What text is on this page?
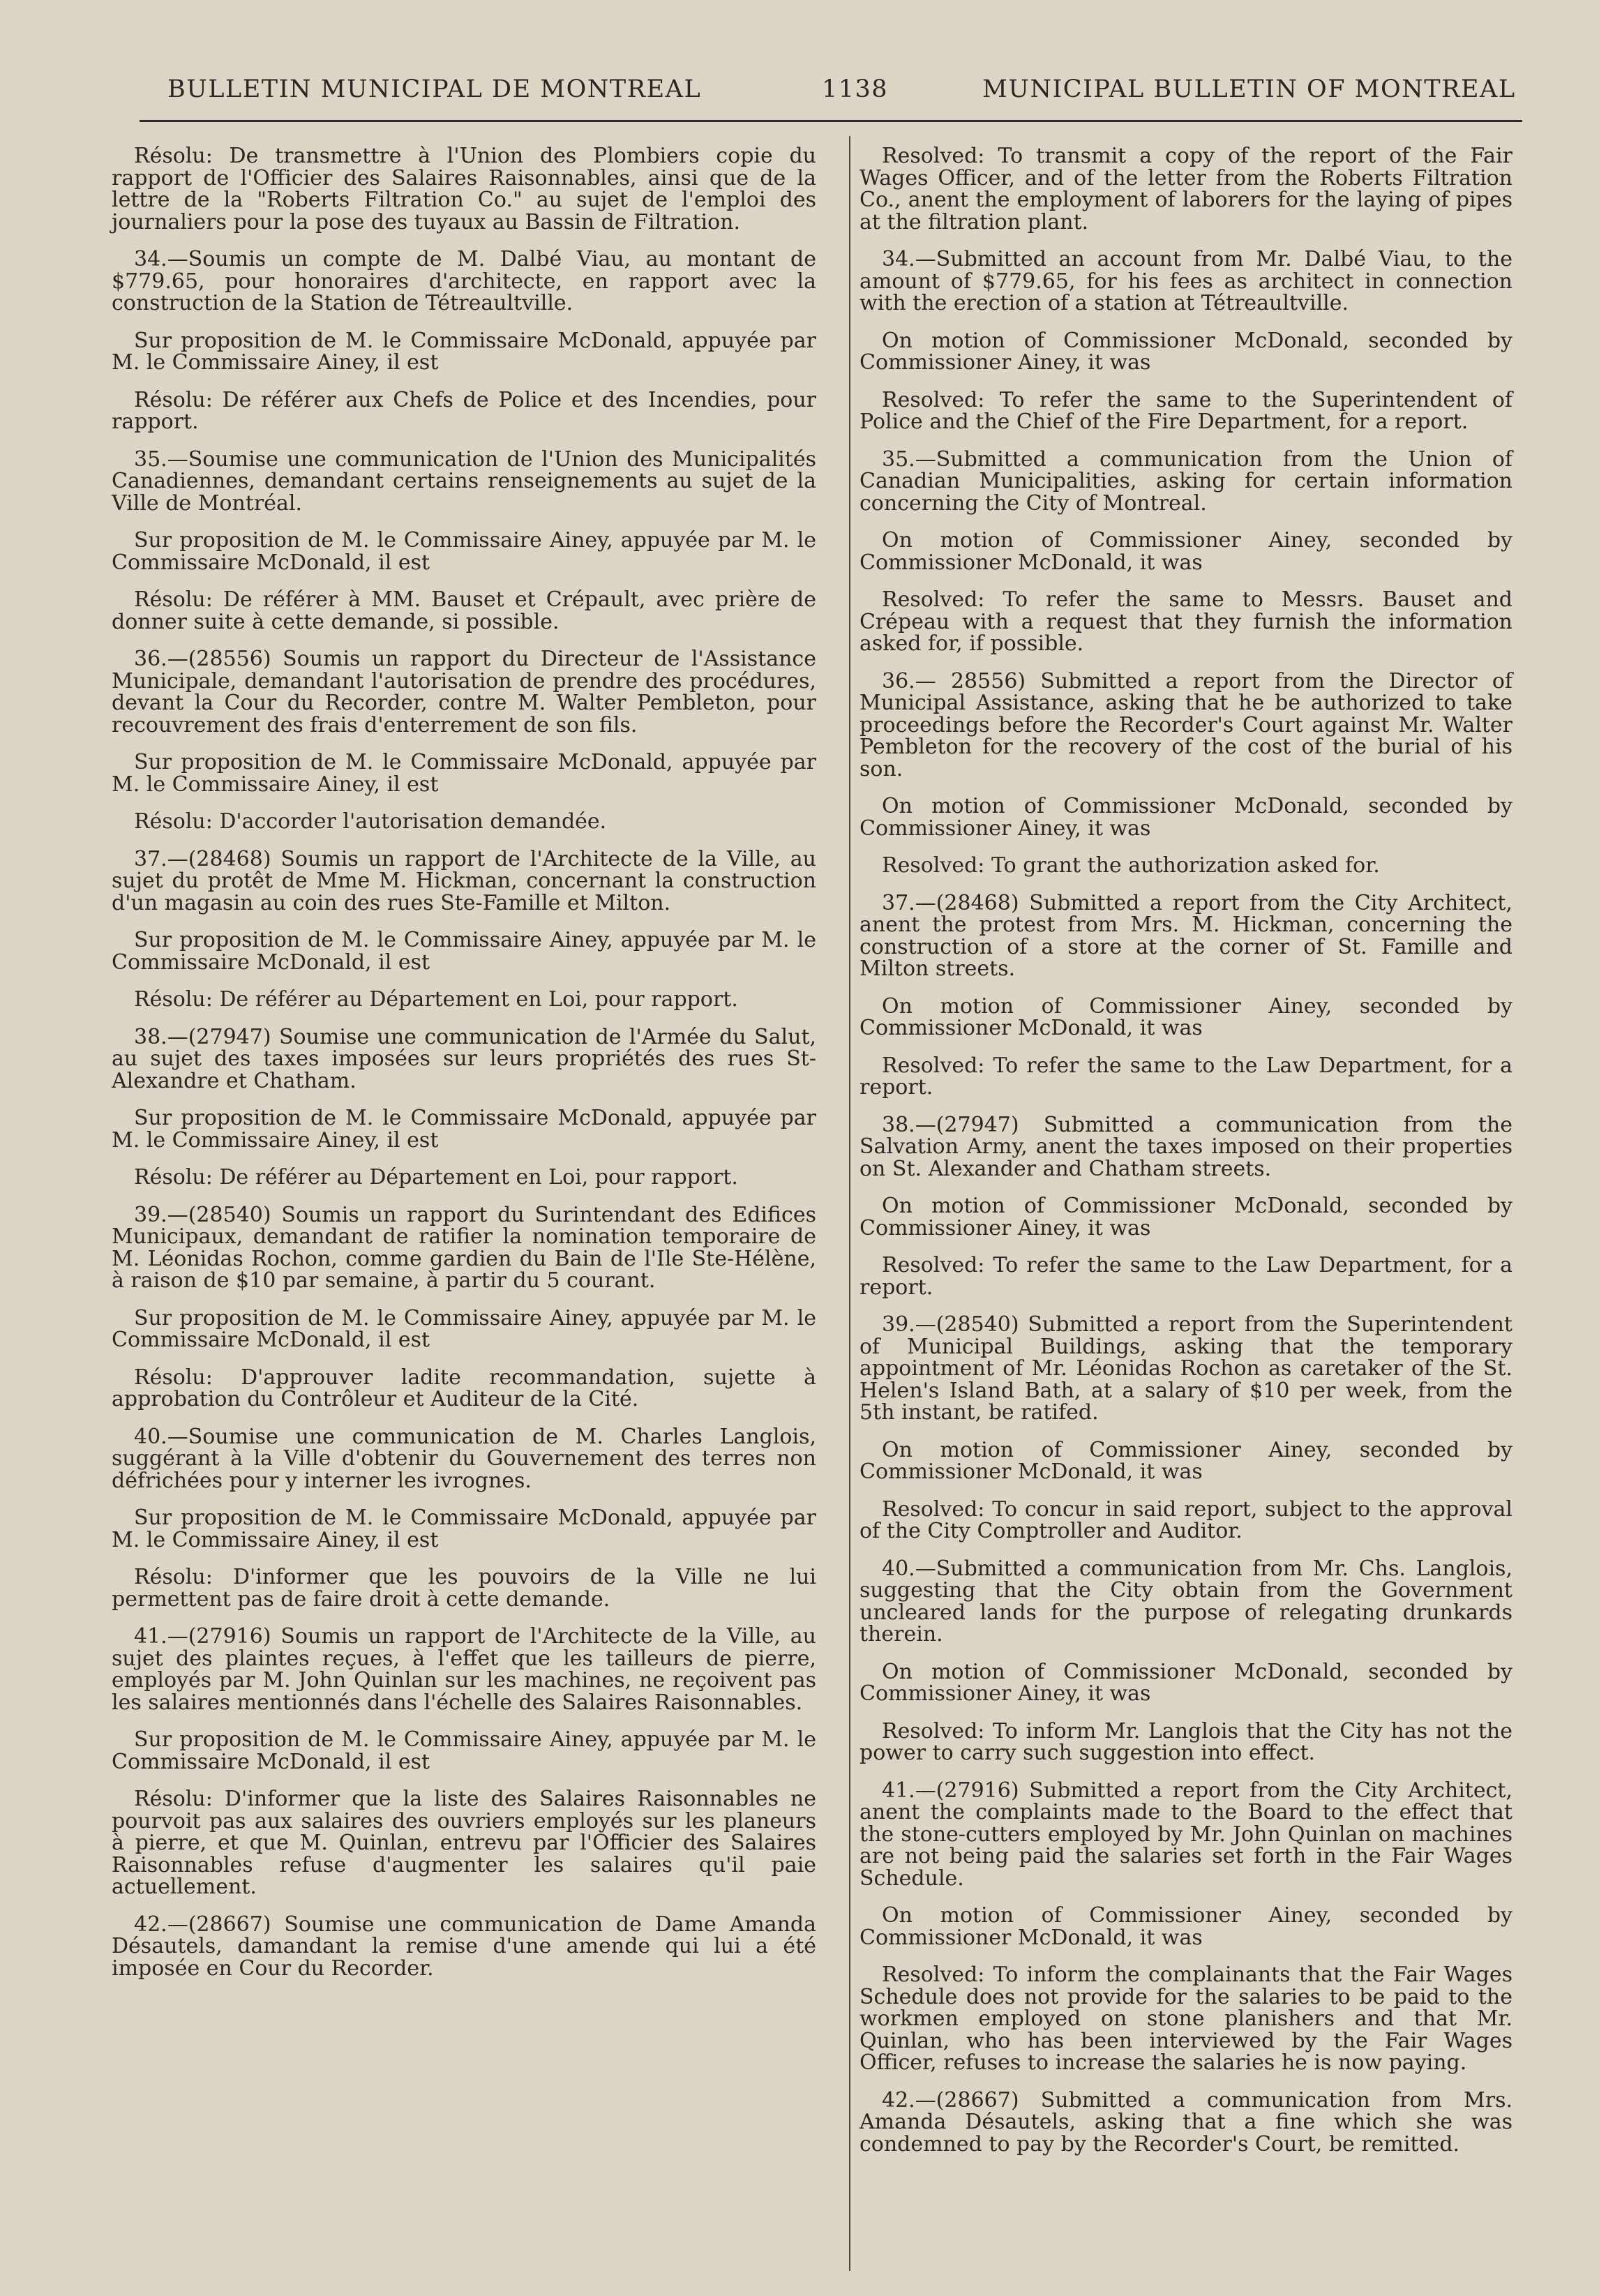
BULLETIN MUNICIPAL DE MONTREAL	1138	MUNICIPAL BULLETIN OF MONTREAL

Résolu: De transmettre à l'Union des Plombiers copie du rapport de l'Officier des Salaires Raisonnables, ainsi que de la lettre de la "Roberts Filtration Co." au sujet de l'emploi des journaliers pour la pose des tuyaux au Bassin de Filtration.

34.—Soumis un compte de M. Dalbé Viau, au montant de $779.65, pour honoraires d'architecte, en rapport avec la construction de la Station de Tétreaultville.

Sur proposition de M. le Commissaire McDonald, appuyée par M. le Commissaire Ainey, il est

Résolu: De référer aux Chefs de Police et des Incendies, pour rapport.

35.—Soumise une communication de l'Union des Municipalités Canadiennes, demandant certains renseignements au sujet de la Ville de Montréal.

Sur proposition de M. le Commissaire Ainey, appuyée par M. le Commissaire McDonald, il est

Résolu: De référer à MM. Bauset et Crépault, avec prière de donner suite à cette demande, si possible.

36.—(28556) Soumis un rapport du Directeur de l'Assistance Municipale, demandant l'autorisation de prendre des procédures, devant la Cour du Recorder, contre M. Walter Pembleton, pour recouvrement des frais d'enterrement de son fils.

Sur proposition de M. le Commissaire McDonald, appuyée par M. le Commissaire Ainey, il est

Résolu: D'accorder l'autorisation demandée.

37.—(28468) Soumis un rapport de l'Architecte de la Ville, au sujet du protêt de Mme M. Hickman, concernant la construction d'un magasin au coin des rues Ste-Famille et Milton.

Sur proposition de M. le Commissaire Ainey, appuyée par M. le Commissaire McDonald, il est

Résolu: De référer au Département en Loi, pour rapport.

38.—(27947) Soumise une communication de l'Armée du Salut, au sujet des taxes imposées sur leurs propriétés des rues St-Alexandre et Chatham.

Sur proposition de M. le Commissaire McDonald, appuyée par M. le Commissaire Ainey, il est

Résolu: De référer au Département en Loi, pour rapport.

39.—(28540) Soumis un rapport du Surintendant des Edifices Municipaux, demandant de ratifier la nomination temporaire de M. Léonidas Rochon, comme gardien du Bain de l'Ile Ste-Hélène, à raison de $10 par semaine, à partir du 5 courant.

Sur proposition de M. le Commissaire Ainey, appuyée par M. le Commissaire McDonald, il est

Résolu: D'approuver ladite recommandation, sujette à approbation du Contrôleur et Auditeur de la Cité.

40.—Soumise une communication de M. Charles Langlois, suggérant à la Ville d'obtenir du Gouvernement des terres non défrichées pour y interner les ivrognes.

Sur proposition de M. le Commissaire McDonald, appuyée par M. le Commissaire Ainey, il est

Résolu: D'informer que les pouvoirs de la Ville ne lui permettent pas de faire droit à cette demande.

41.—(27916) Soumis un rapport de l'Architecte de la Ville, au sujet des plaintes reçues, à l'effet que les tailleurs de pierre, employés par M. John Quinlan sur les machines, ne reçoivent pas les salaires mentionnés dans l'échelle des Salaires Raisonnables.

Sur proposition de M. le Commissaire Ainey, appuyée par M. le Commissaire McDonald, il est

Résolu: D'informer que la liste des Salaires Raisonnables ne pourvoit pas aux salaires des ouvriers employés sur les planeurs à pierre, et que M. Quinlan, entrevu par l'Officier des Salaires Raisonnables refuse d'augmenter les salaires qu'il paie actuellement.

42.—(28667) Soumise une communication de Dame Amanda Désautels, damandant la remise d'une amende qui lui a été imposée en Cour du Recorder.

Resolved: To transmit a copy of the report of the Fair Wages Officer, and of the letter from the Roberts Filtration Co., anent the employment of laborers for the laying of pipes at the filtration plant.

34.—Submitted an account from Mr. Dalbé Viau, to the amount of $779.65, for his fees as architect in connection with the erection of a station at Tétreaultville.

On motion of Commissioner McDonald, seconded by Commissioner Ainey, it was

Resolved: To refer the same to the Superintendent of Police and the Chief of the Fire Department, for a report.

35.—Submitted a communication from the Union of Canadian Municipalities, asking for certain information concerning the City of Montreal.

On motion of Commissioner Ainey, seconded by Commissioner McDonald, it was

Resolved: To refer the same to Messrs. Bauset and Crépeau with a request that they furnish the information asked for, if possible.

36.— 28556) Submitted a report from the Director of Municipal Assistance, asking that he be authorized to take proceedings before the Recorder's Court against Mr. Walter Pembleton for the recovery of the cost of the burial of his son.

On motion of Commissioner McDonald, seconded by Commissioner Ainey, it was

Resolved: To grant the authorization asked for.

37.—(28468) Submitted a report from the City Architect, anent the protest from Mrs. M. Hickman, concerning the construction of a store at the corner of St. Famille and Milton streets.

On motion of Commissioner Ainey, seconded by Commissioner McDonald, it was

Resolved: To refer the same to the Law Department, for a report.

38.—(27947) Submitted a communication from the Salvation Army, anent the taxes imposed on their properties on St. Alexander and Chatham streets.

On motion of Commissioner McDonald, seconded by Commissioner Ainey, it was

Resolved: To refer the same to the Law Department, for a report.

39.—(28540) Submitted a report from the Superintendent of Municipal Buildings, asking that the temporary appointment of Mr. Léonidas Rochon as caretaker of the St. Helen's Island Bath, at a salary of $10 per week, from the 5th instant, be ratifed.

On motion of Commissioner Ainey, seconded by Commissioner McDonald, it was

Resolved: To concur in said report, subject to the approval of the City Comptroller and Auditor.

40.—Submitted a communication from Mr. Chs. Langlois, suggesting that the City obtain from the Government uncleared lands for the purpose of relegating drunkards therein.

On motion of Commissioner McDonald, seconded by Commissioner Ainey, it was

Resolved: To inform Mr. Langlois that the City has not the power to carry such suggestion into effect.

41.—(27916) Submitted a report from the City Architect, anent the complaints made to the Board to the effect that the stone-cutters employed by Mr. John Quinlan on machines are not being paid the salaries set forth in the Fair Wages Schedule.

On motion of Commissioner Ainey, seconded by Commissioner McDonald, it was

Resolved: To inform the complainants that the Fair Wages Schedule does not provide for the salaries to be paid to the workmen employed on stone planishers and that Mr. Quinlan, who has been interviewed by the Fair Wages Officer, refuses to increase the salaries he is now paying.

42.—(28667) Submitted a communication from Mrs. Amanda Désautels, asking that a fine which she was condemned to pay by the Recorder's Court, be remitted.
